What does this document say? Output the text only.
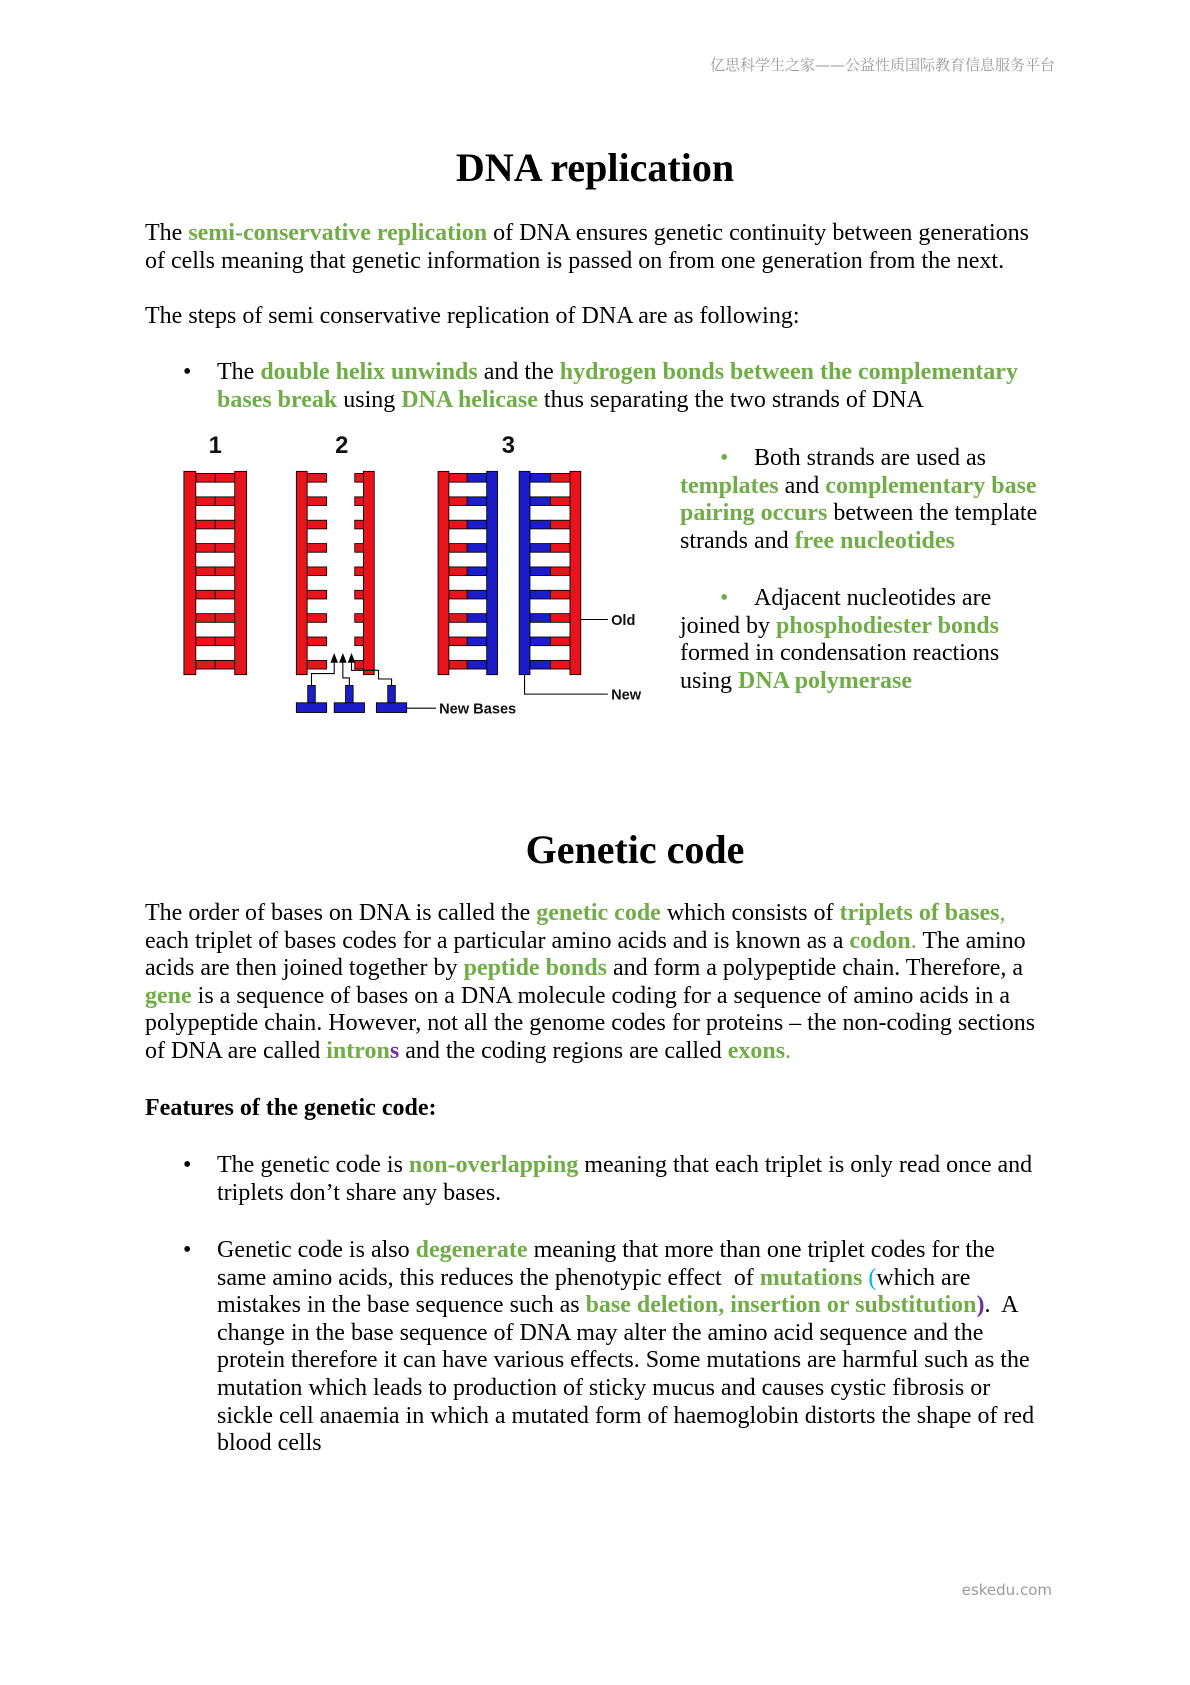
亿思科学生之家——公益性质国际教育信息服务平台
DNA replication
The semi-conservative replication of DNA ensures genetic continuity between generations
of cells meaning that genetic information is passed on from one generation from the next.
The steps of semi conservative replication of DNA are as following:
• The double helix unwinds and the hydrogen bonds between the complementary
bases break using DNA helicase thus separating the two strands of DNA
1	2	3
Old
New
New Bases
•	Both strands are used as
templates and complementary base
pairing occurs between the template
strands and free nucleotides
•	Adjacent nucleotides are
joined by phosphodiester bonds
formed in condensation reactions
using DNA polymerase
Genetic code
The order of bases on DNA is called the genetic code which consists of triplets of bases,
each triplet of bases codes for a particular amino acids and is known as a codon. The amino
acids are then joined together by peptide bonds and form a polypeptide chain. Therefore, a
gene is a sequence of bases on a DNA molecule coding for a sequence of amino acids in a
polypeptide chain. However, not all the genome codes for proteins – the non-coding sections
of DNA are called introns and the coding regions are called exons.
Features of the genetic code:
• The genetic code is non-overlapping meaning that each triplet is only read once and
triplets don’t share any bases.
• Genetic code is also degenerate meaning that more than one triplet codes for the
same amino acids, this reduces the phenotypic effect  of mutations (which are
mistakes in the base sequence such as base deletion, insertion or substitution).  A
change in the base sequence of DNA may alter the amino acid sequence and the
protein therefore it can have various effects. Some mutations are harmful such as the
mutation which leads to production of sticky mucus and causes cystic fibrosis or
sickle cell anaemia in which a mutated form of haemoglobin distorts the shape of red
blood cells
eskedu.com
